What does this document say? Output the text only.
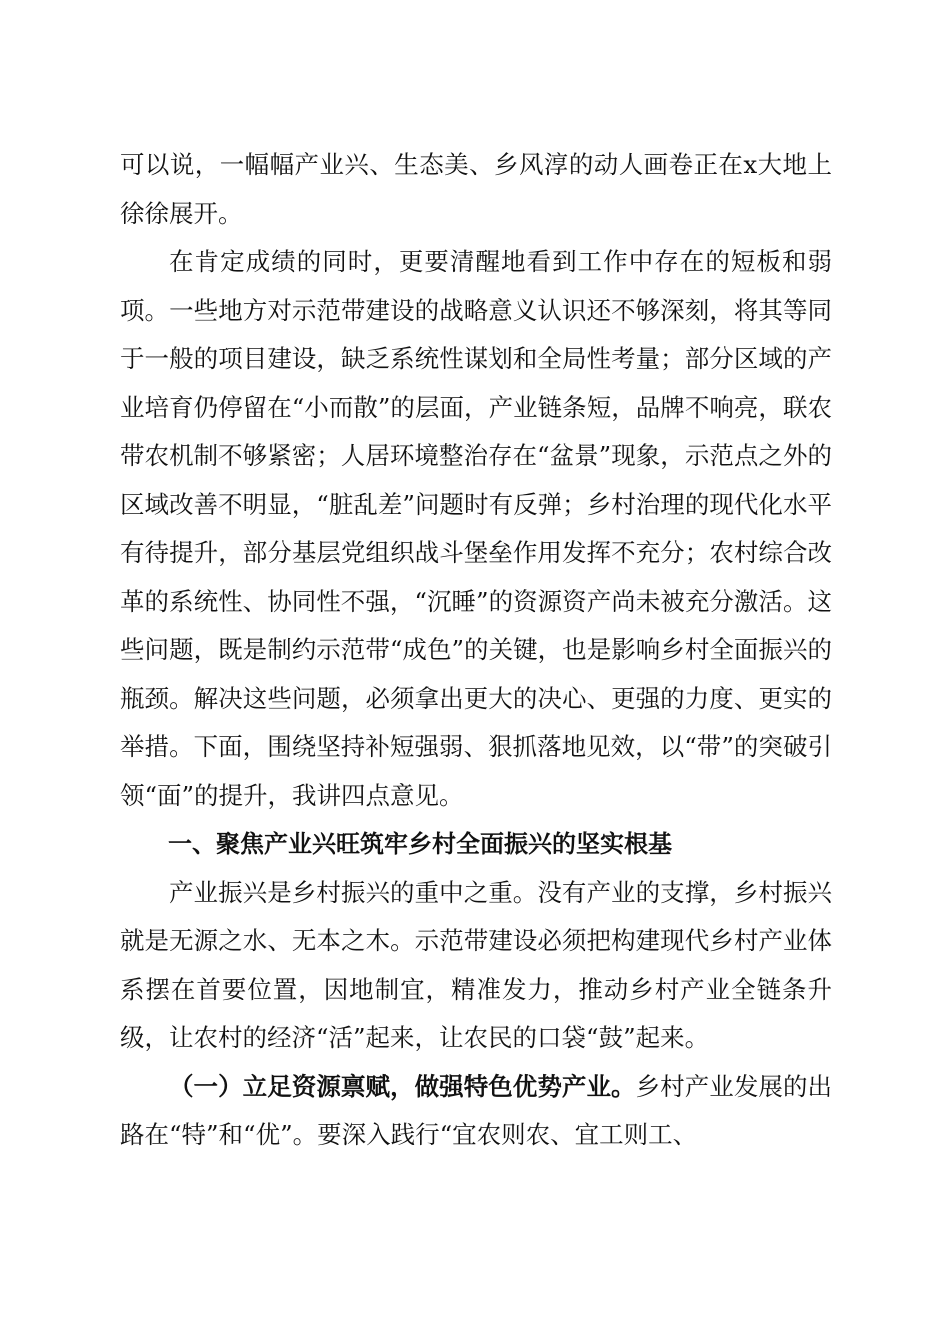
可以说，一幅幅产业兴、生态美、乡风淳的动人画卷正在x大地上徐徐展开。

在肯定成绩的同时，更要清醒地看到工作中存在的短板和弱项。一些地方对示范带建设的战略意义认识还不够深刻，将其等同于一般的项目建设，缺乏系统性谋划和全局性考量；部分区域的产业培育仍停留在“小而散”的层面，产业链条短，品牌不响亮，联农带农机制不够紧密；人居环境整治存在“盆景”现象，示范点之外的区域改善不明显，“脏乱差”问题时有反弹；乡村治理的现代化水平有待提升，部分基层党组织战斗堡垒作用发挥不充分；农村综合改革的系统性、协同性不强，“沉睡”的资源资产尚未被充分激活。这些问题，既是制约示范带“成色”的关键，也是影响乡村全面振兴的瓶颈。解决这些问题，必须拿出更大的决心、更强的力度、更实的举措。下面，围绕坚持补短强弱、狠抓落地见效，以“带”的突破引领“面”的提升，我讲四点意见。

一、聚焦产业兴旺筑牢乡村全面振兴的坚实根基

产业振兴是乡村振兴的重中之重。没有产业的支撑，乡村振兴就是无源之水、无本之木。示范带建设必须把构建现代乡村产业体系摆在首要位置，因地制宜，精准发力，推动乡村产业全链条升级，让农村的经济“活”起来，让农民的口袋“鼓”起来。

（一）立足资源禀赋，做强特色优势产业。乡村产业发展的出路在“特”和“优”。要深入践行“宜农则农、宜工则工、
